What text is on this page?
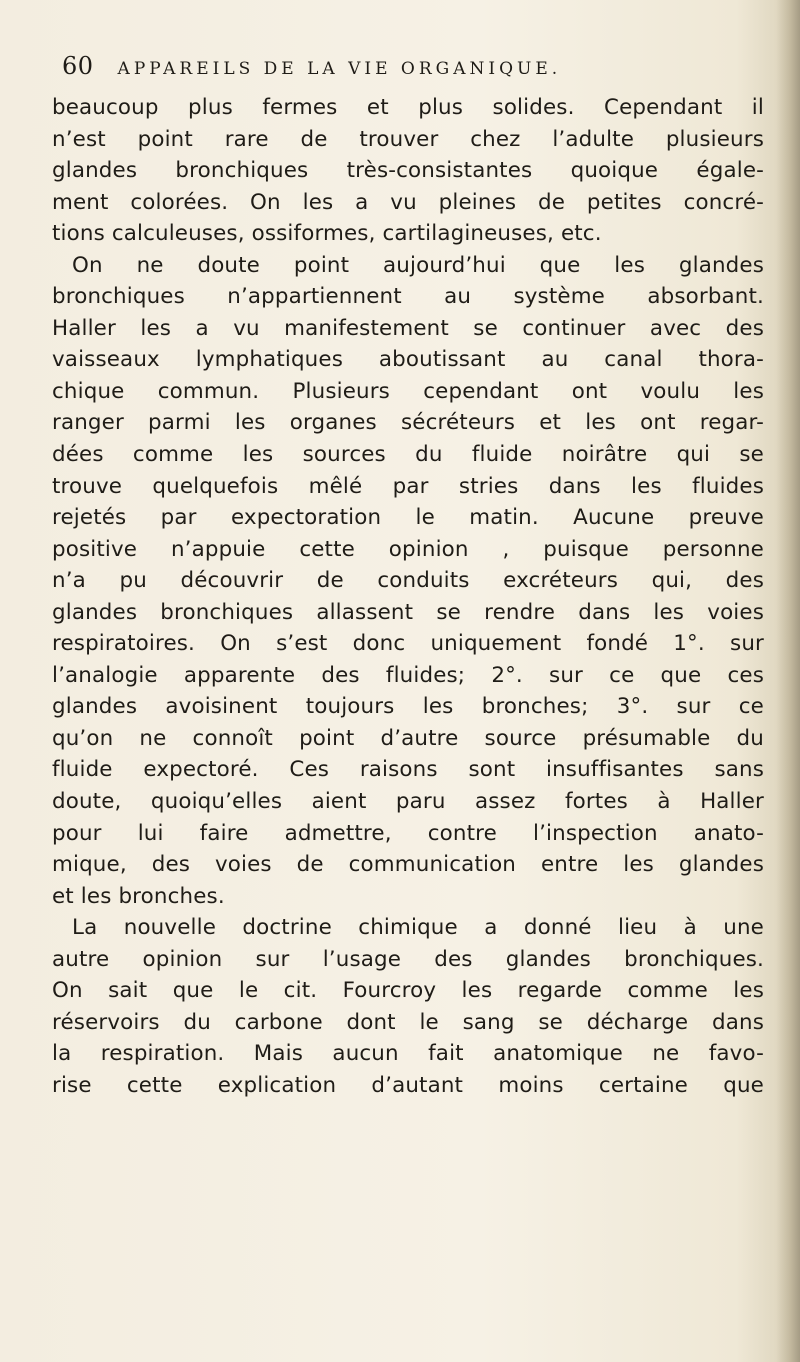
60 APPAREILS DE LA VIE ORGANIQUE.
beaucoup plus fermes et plus solides. Cependant il
n’est point rare de trouver chez l’adulte plusieurs
glandes bronchiques très-consistantes quoique égale-
ment colorées. On les a vu pleines de petites concré-
tions calculeuses, ossiformes, cartilagineuses, etc.
On ne doute point aujourd’hui que les glandes
bronchiques n’appartiennent au système absorbant.
Haller les a vu manifestement se continuer avec des
vaisseaux lymphatiques aboutissant au canal thora-
chique commun. Plusieurs cependant ont voulu les
ranger parmi les organes sécréteurs et les ont regar-
dées comme les sources du fluide noirâtre qui se
trouve quelquefois mêlé par stries dans les fluides
rejetés par expectoration le matin. Aucune preuve
positive n’appuie cette opinion , puisque personne
n’a pu découvrir de conduits excréteurs qui, des
glandes bronchiques allassent se rendre dans les voies
respiratoires. On s’est donc uniquement fondé 1°. sur
l’analogie apparente des fluides; 2°. sur ce que ces
glandes avoisinent toujours les bronches; 3°. sur ce
qu’on ne connoît point d’autre source présumable du
fluide expectoré. Ces raisons sont insuffisantes sans
doute, quoiqu’elles aient paru assez fortes à Haller
pour lui faire admettre, contre l’inspection anato-
mique, des voies de communication entre les glandes
et les bronches.
La nouvelle doctrine chimique a donné lieu à une
autre opinion sur l’usage des glandes bronchiques.
On sait que le cit. Fourcroy les regarde comme les
réservoirs du carbone dont le sang se décharge dans
la respiration. Mais aucun fait anatomique ne favo-
rise cette explication d’autant moins certaine que
